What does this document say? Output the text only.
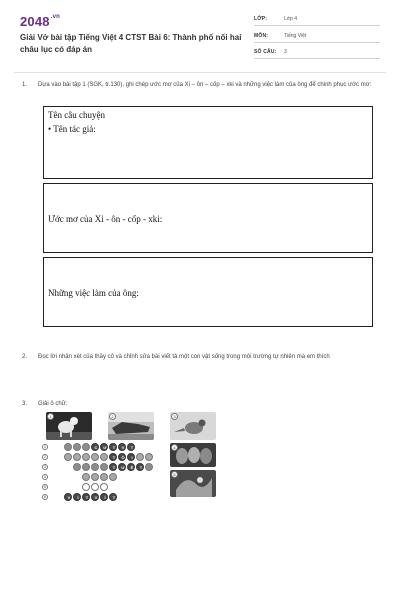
$2048^{.vn}$
Giải Vở bài tập Tiếng Việt 4 CTST Bài 6: Thành phố nối hai châu lục có đáp án
LỚP:	Lớp 4
MÔN:	Tiếng Việt
SỐ CÂU: 3
1. Dựa vào bài tập 1 (SGK, tr.130), ghi chép ước mơ của Xi – ôn – cốp – xki và những việc làm của ông để chinh phục ước mơ:
Tên câu chuyện
• Tên tác giả:
Ước mơ của Xi - ôn - cốp - xki:
Những việc làm của ông:
2. Đọc lời nhận xét của thầy cô và chỉnh sửa bài viết tả một con vật sống trong môi trường tự nhiên mà em thích
3. Giải ô chữ:
1	2	3
4
5
1
2
3
4
5
6
C	Ư	T	V	T
T	Ô	I
T	Ư	Ê	T
V	Í	T	V	Í	T
